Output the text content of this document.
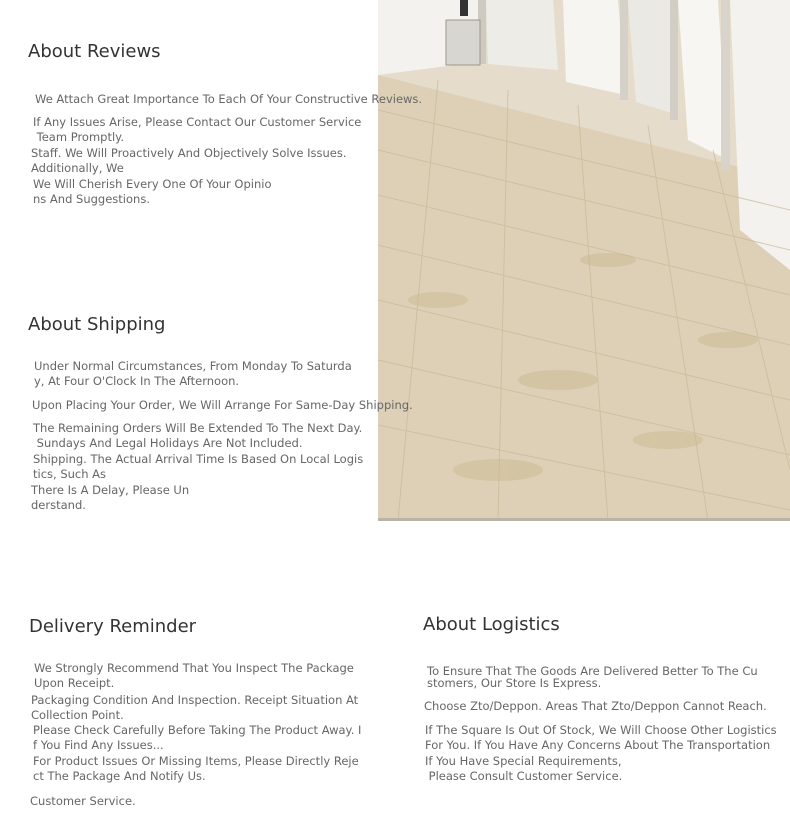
About Reviews
We Attach Great Importance To Each Of Your Constructive Reviews.
If Any Issues Arise, Please Contact Our Customer Service
Team Promptly.
Staff. We Will Proactively And Objectively Solve Issues.
Additionally, We
We Will Cherish Every One Of Your Opinio
ns And Suggestions.
About Shipping
Under Normal Circumstances, From Monday To Saturda
y, At Four O'Clock In The Afternoon.
Upon Placing Your Order, We Will Arrange For Same-Day Shipping.
The Remaining Orders Will Be Extended To The Next Day.
Sundays And Legal Holidays Are Not Included.
Shipping. The Actual Arrival Time Is Based On Local Logis
tics, Such As
There Is A Delay, Please Un
derstand.
Delivery Reminder
We Strongly Recommend That You Inspect The Package
Upon Receipt.
Packaging Condition And Inspection. Receipt Situation At
Collection Point.
Please Check Carefully Before Taking The Product Away. I
f You Find Any Issues...
For Product Issues Or Missing Items, Please Directly Reje
ct The Package And Notify Us.
Customer Service.
About Logistics
To Ensure That The Goods Are Delivered Better To The Cu
stomers, Our Store Is Express.
Choose Zto/Deppon. Areas That Zto/Deppon Cannot Reach.
If The Square Is Out Of Stock, We Will Choose Other Logistics
For You. If You Have Any Concerns About The Transportation
If You Have Special Requirements,
Please Consult Customer Service.
